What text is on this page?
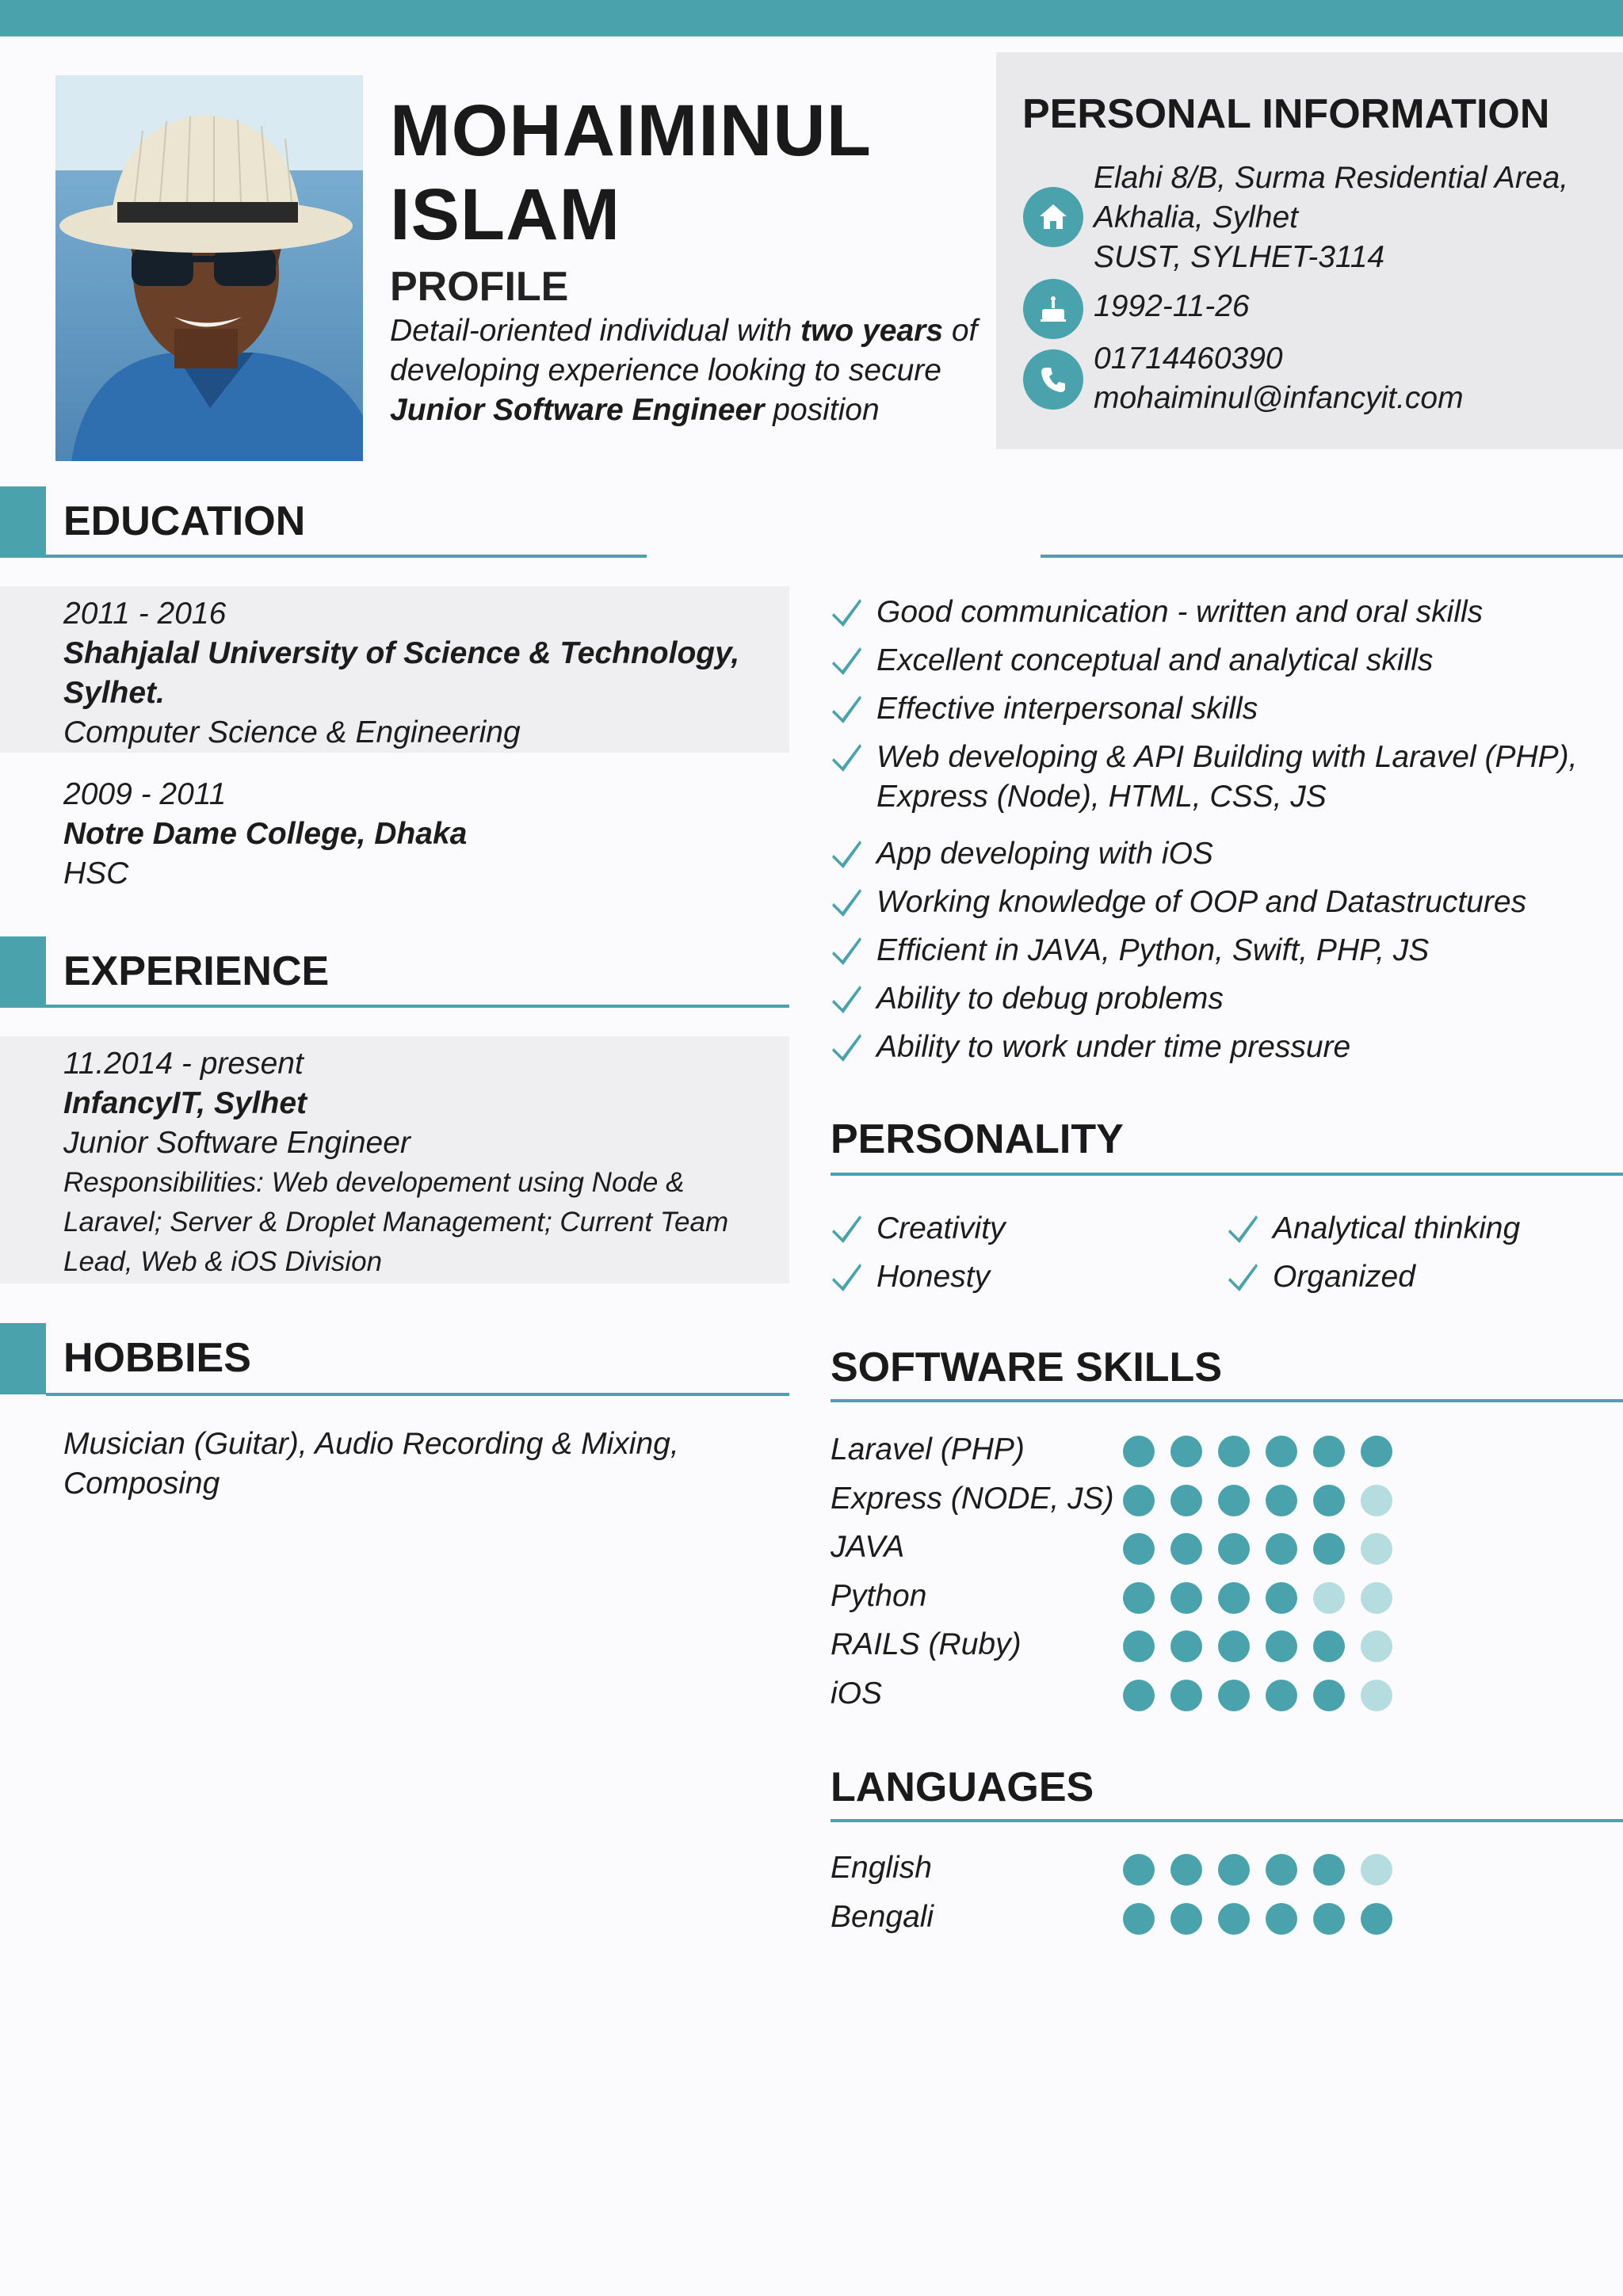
MOHAIMINUL
ISLAM
PROFILE
Detail-oriented individual with two years of developing experience looking to secure Junior Software Engineer position
PERSONAL INFORMATION
Elahi 8/B, Surma Residential Area,
Akhalia, Sylhet
SUST, SYLHET-3114
1992-11-26
01714460390
mohaiminul@infancyit.com
EDUCATION
2011 - 2016
Shahjalal University of Science & Technology, Sylhet.
Computer Science & Engineering
2009 - 2011
Notre Dame College, Dhaka
HSC
EXPERIENCE
11.2014 - present
InfancyIT, Sylhet
Junior Software Engineer
Responsibilities: Web developement using Node & Laravel; Server & Droplet Management; Current Team Lead, Web & iOS Division
HOBBIES
Musician (Guitar), Audio Recording & Mixing, Composing
Good communication - written and oral skills
Excellent conceptual and analytical skills
Effective interpersonal skills
Web developing & API Building with Laravel (PHP), Express (Node), HTML, CSS, JS
App developing with iOS
Working knowledge of OOP and Datastructures
Efficient in JAVA, Python, Swift, PHP, JS
Ability to debug problems
Ability to work under time pressure
PERSONALITY
Creativity
Honesty
Analytical thinking
Organized
SOFTWARE SKILLS
Laravel (PHP)
Express (NODE, JS)
JAVA
Python
RAILS (Ruby)
iOS
LANGUAGES
English
Bengali
